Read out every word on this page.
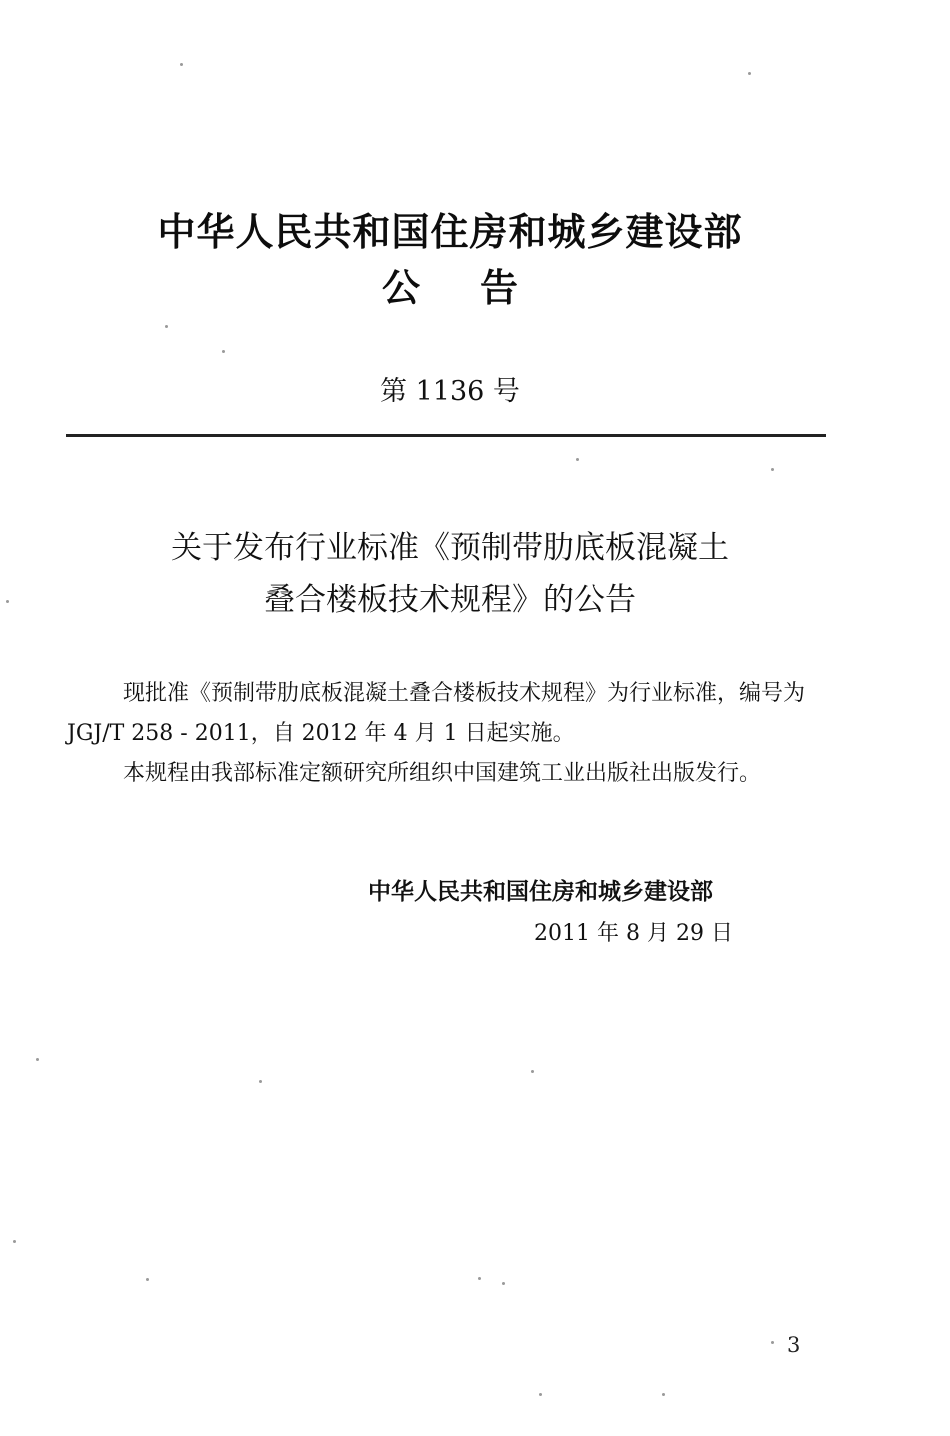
中华人民共和国住房和城乡建设部
公告
第 1136 号
关于发布行业标准《预制带肋底板混凝土
叠合楼板技术规程》的公告

现批准《预制带肋底板混凝土叠合楼板技术规程》为行业标准，编号为 JGJ/T 258 - 2011，自 2012 年 4 月 1 日起实施。

本规程由我部标准定额研究所组织中国建筑工业出版社出版发行。

中华人民共和国住房和城乡建设部
2011 年 8 月 29 日
3
